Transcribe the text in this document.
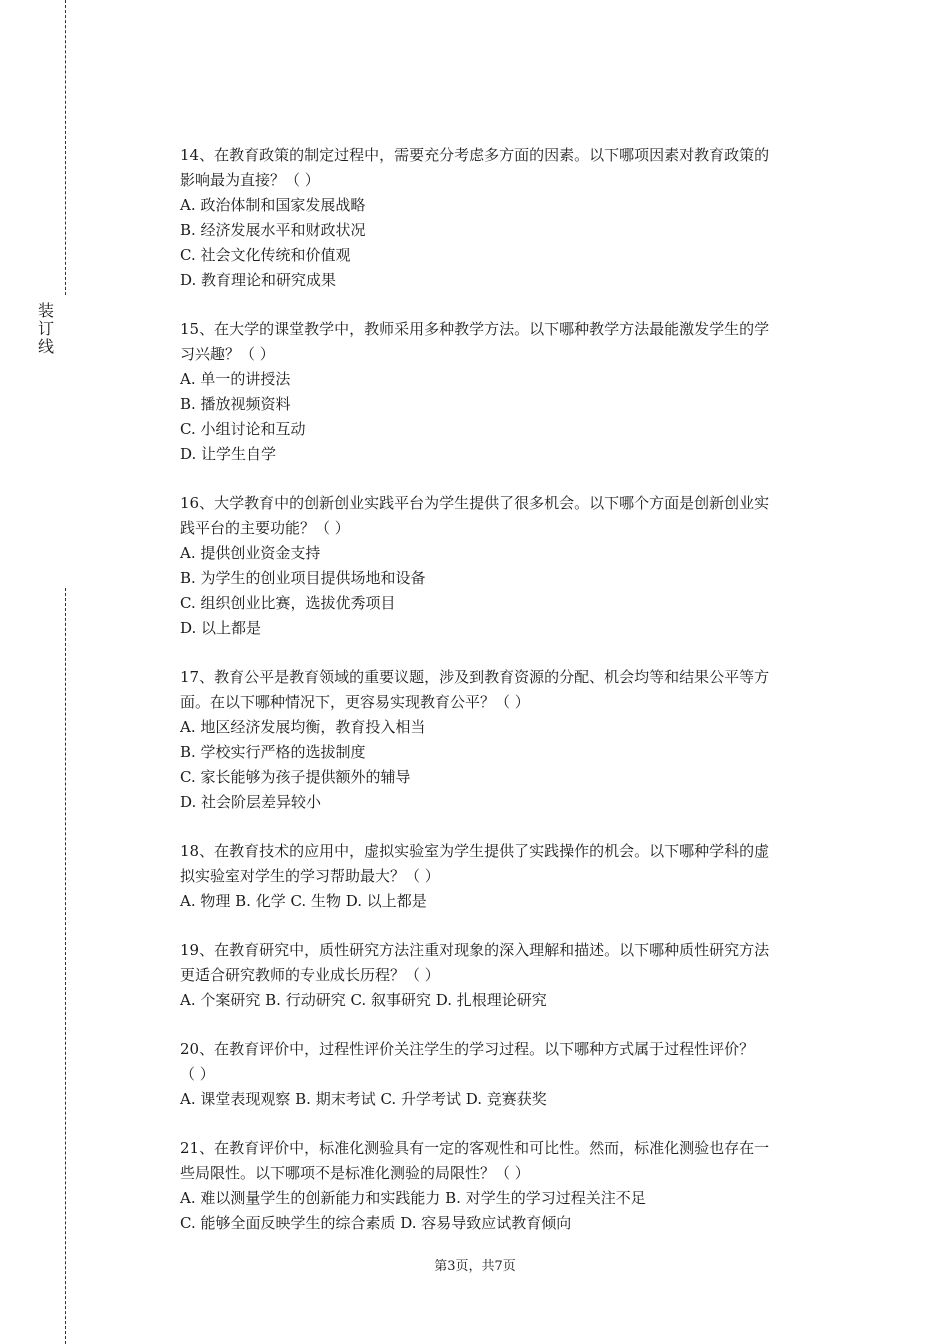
装
订
线
14、在教育政策的制定过程中，需要充分考虑多方面的因素。以下哪项因素对教育政策的
影响最为直接？（ ）
A. 政治体制和国家发展战略
B. 经济发展水平和财政状况
C. 社会文化传统和价值观
D. 教育理论和研究成果
15、在大学的课堂教学中，教师采用多种教学方法。以下哪种教学方法最能激发学生的学
习兴趣？（ ）
A. 单一的讲授法
B. 播放视频资料
C. 小组讨论和互动
D. 让学生自学
16、大学教育中的创新创业实践平台为学生提供了很多机会。以下哪个方面是创新创业实
践平台的主要功能？（ ）
A. 提供创业资金支持
B. 为学生的创业项目提供场地和设备
C. 组织创业比赛，选拔优秀项目
D. 以上都是
17、教育公平是教育领域的重要议题，涉及到教育资源的分配、机会均等和结果公平等方
面。在以下哪种情况下，更容易实现教育公平？（ ）
A. 地区经济发展均衡，教育投入相当
B. 学校实行严格的选拔制度
C. 家长能够为孩子提供额外的辅导
D. 社会阶层差异较小
18、在教育技术的应用中，虚拟实验室为学生提供了实践操作的机会。以下哪种学科的虚
拟实验室对学生的学习帮助最大？（ ）
A. 物理 B. 化学 C. 生物 D. 以上都是
19、在教育研究中，质性研究方法注重对现象的深入理解和描述。以下哪种质性研究方法
更适合研究教师的专业成长历程？（ ）
A. 个案研究 B. 行动研究 C. 叙事研究 D. 扎根理论研究
20、在教育评价中，过程性评价关注学生的学习过程。以下哪种方式属于过程性评价？
（ ）
A. 课堂表现观察 B. 期末考试 C. 升学考试 D. 竞赛获奖
21、在教育评价中，标准化测验具有一定的客观性和可比性。然而，标准化测验也存在一
些局限性。以下哪项不是标准化测验的局限性？（ ）
A. 难以测量学生的创新能力和实践能力 B. 对学生的学习过程关注不足
C. 能够全面反映学生的综合素质 D. 容易导致应试教育倾向
第3页，共7页
